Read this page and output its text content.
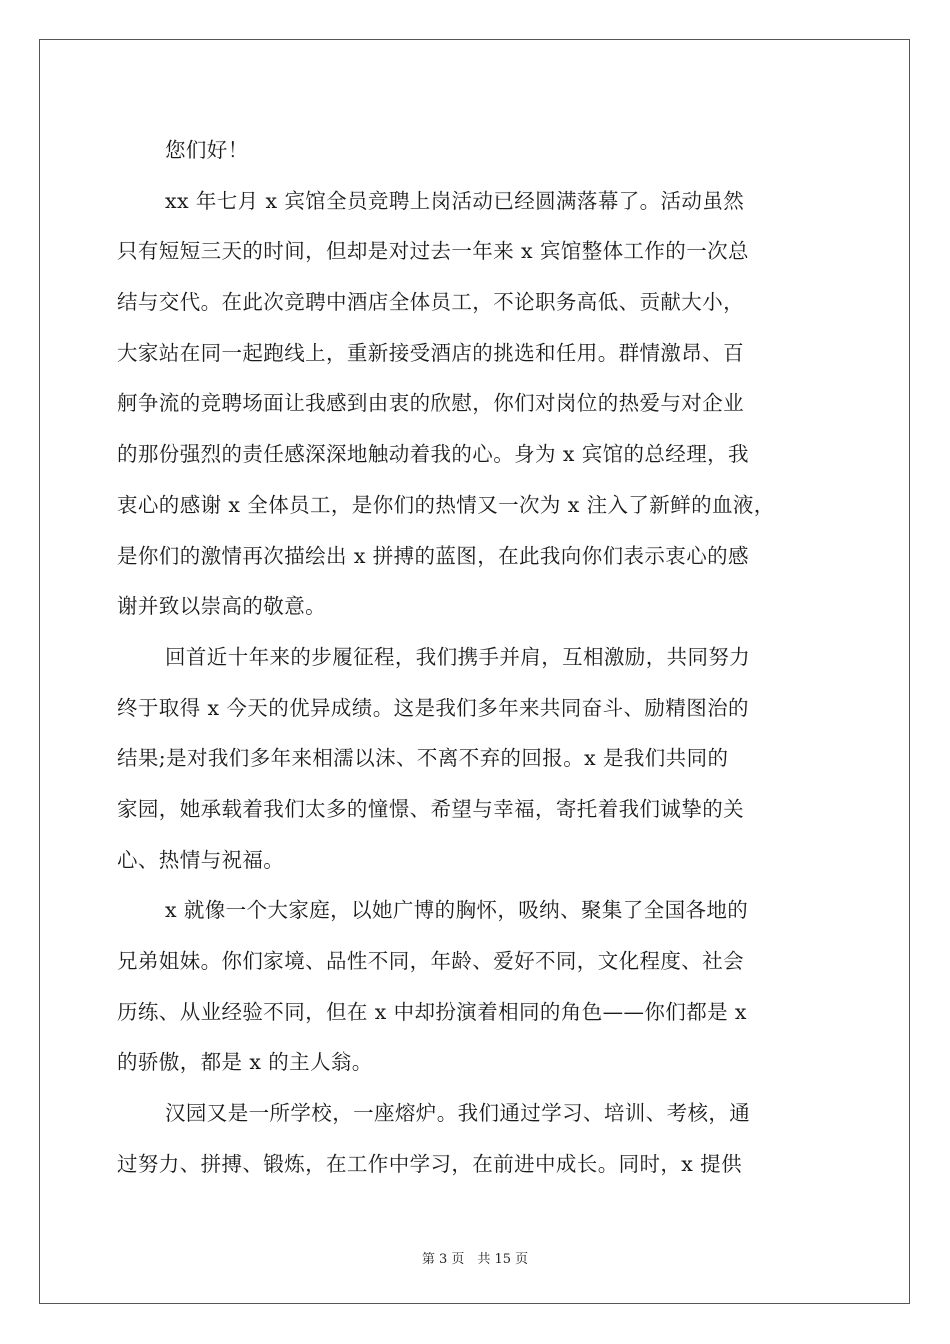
您们好！
xx 年七月 x 宾馆全员竞聘上岗活动已经圆满落幕了。活动虽然
只有短短三天的时间，但却是对过去一年来 x 宾馆整体工作的一次总
结与交代。在此次竞聘中酒店全体员工，不论职务高低、贡献大小，
大家站在同一起跑线上，重新接受酒店的挑选和任用。群情激昂、百
舸争流的竞聘场面让我感到由衷的欣慰，你们对岗位的热爱与对企业
的那份强烈的责任感深深地触动着我的心。身为 x 宾馆的总经理，我
衷心的感谢 x 全体员工，是你们的热情又一次为 x 注入了新鲜的血液，
是你们的激情再次描绘出 x 拼搏的蓝图，在此我向你们表示衷心的感
谢并致以崇高的敬意。
回首近十年来的步履征程，我们携手并肩，互相激励，共同努力
终于取得 x 今天的优异成绩。这是我们多年来共同奋斗、励精图治的
结果;是对我们多年来相濡以沫、不离不弃的回报。x 是我们共同的
家园，她承载着我们太多的憧憬、希望与幸福，寄托着我们诚挚的关
心、热情与祝福。
x 就像一个大家庭，以她广博的胸怀，吸纳、聚集了全国各地的
兄弟姐妹。你们家境、品性不同，年龄、爱好不同，文化程度、社会
历练、从业经验不同，但在 x 中却扮演着相同的角色——你们都是 x
的骄傲，都是 x 的主人翁。
汉园又是一所学校，一座熔炉。我们通过学习、培训、考核，通
过努力、拼搏、锻炼，在工作中学习，在前进中成长。同时，x 提供
第 3 页　共 15 页
